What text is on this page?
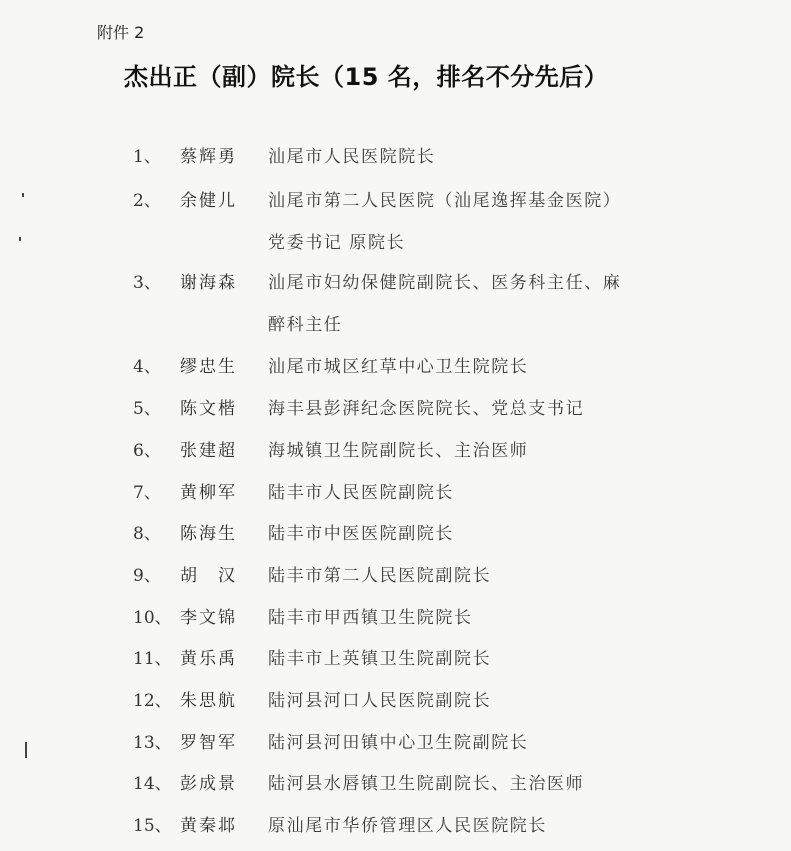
附件 2
杰出正（副）院长（15 名，排名不分先后）
1、 蔡辉勇 汕尾市人民医院院长
2、 余健儿 汕尾市第二人民医院（汕尾逸挥基金医院）
党委书记 原院长
3、 谢海森 汕尾市妇幼保健院副院长、医务科主任、麻
醉科主任
4、 缪忠生 汕尾市城区红草中心卫生院院长
5、 陈文楷 海丰县彭湃纪念医院院长、党总支书记
6、 张建超 海城镇卫生院副院长、主治医师
7、 黄柳军 陆丰市人民医院副院长
8、 陈海生 陆丰市中医医院副院长
9、 胡　汉 陆丰市第二人民医院副院长
10、 李文锦 陆丰市甲西镇卫生院院长
11、 黄乐禹 陆丰市上英镇卫生院副院长
12、 朱思航 陆河县河口人民医院副院长
13、 罗智军 陆河县河田镇中心卫生院副院长
14、 彭成景 陆河县水唇镇卫生院副院长、主治医师
15、 黄秦邶 原汕尾市华侨管理区人民医院院长
